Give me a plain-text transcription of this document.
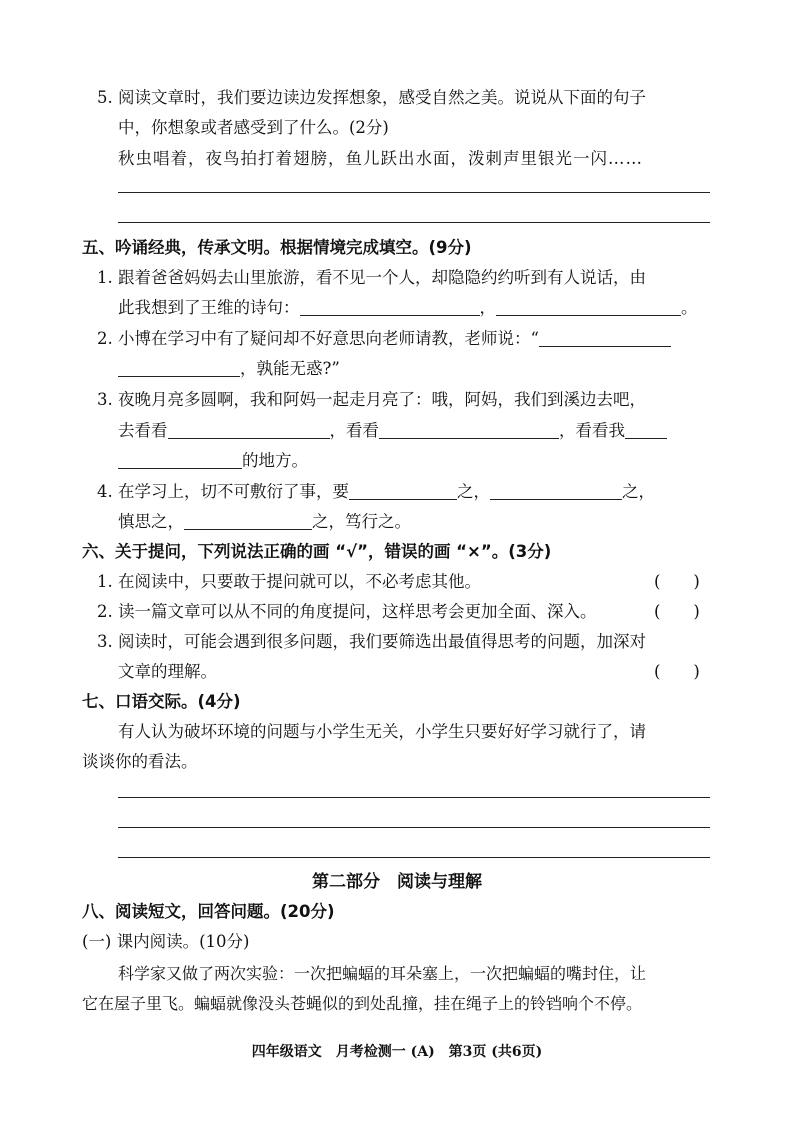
5. 阅读文章时，我们要边读边发挥想象，感受自然之美。说说从下面的句子
中，你想象或者感受到了什么。(2分)
秋虫唱着，夜鸟拍打着翅膀，鱼儿跃出水面，泼刺声里银光一闪……
五、吟诵经典，传承文明。根据情境完成填空。(9分)
1. 跟着爸爸妈妈去山里旅游，看不见一个人，却隐隐约约听到有人说话，由
此我想到了王维的诗句：	，	。
2. 小博在学习中有了疑问却不好意思向老师请教，老师说：“
，孰能无惑?”
3. 夜晚月亮多圆啊，我和阿妈一起走月亮了：哦，阿妈，我们到溪边去吧，
去看看	，看看	，看看我
的地方。
4. 在学习上，切不可敷衍了事，要	之，	之，
慎思之，	之，笃行之。
六、关于提问，下列说法正确的画 “√”，错误的画 “×”。(3分)
1. 在阅读中，只要敢于提问就可以，不必考虑其他。	(　　)
2. 读一篇文章可以从不同的角度提问，这样思考会更加全面、深入。	(　　)
3. 阅读时，可能会遇到很多问题，我们要筛选出最值得思考的问题，加深对
文章的理解。	(　　)
七、口语交际。(4分)
有人认为破坏环境的问题与小学生无关，小学生只要好好学习就行了，请
谈谈你的看法。
第二部分　阅读与理解
八、阅读短文，回答问题。(20分)
(一) 课内阅读。(10分)
科学家又做了两次实验：一次把蝙蝠的耳朵塞上，一次把蝙蝠的嘴封住，让
它在屋子里飞。蝙蝠就像没头苍蝇似的到处乱撞，挂在绳子上的铃铛响个不停。
四年级语文　月考检测一 (A)　第3页 (共6页)
